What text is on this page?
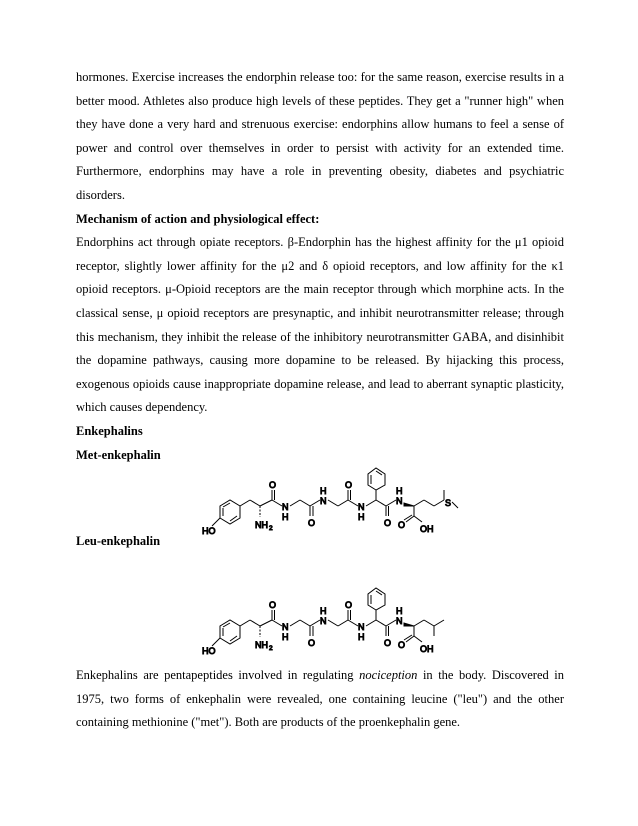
hormones. Exercise increases the endorphin release too: for the same reason, exercise results in a better mood. Athletes also produce high levels of these peptides. They get a "runner high" when they have done a very hard and strenuous exercise: endorphins allow humans to feel a sense of power and control over themselves in order to persist with activity for an extended time. Furthermore, endorphins may have a role in preventing obesity, diabetes and psychiatric disorders.

Mechanism of action and physiological effect:

Endorphins act through opiate receptors. β-Endorphin has the highest affinity for the μ1 opioid receptor, slightly lower affinity for the μ2 and δ opioid receptors, and low affinity for the κ1 opioid receptors. μ-Opioid receptors are the main receptor through which morphine acts. In the classical sense, μ opioid receptors are presynaptic, and inhibit neurotransmitter release; through this mechanism, they inhibit the release of the inhibitory neurotransmitter GABA, and disinhibit the dopamine pathways, causing more dopamine to be released. By hijacking this process, exogenous opioids cause inappropriate dopamine release, and lead to aberrant synaptic plasticity, which causes dependency.

Enkephalins

Met-enkephalin

HO
NH 2
O
N
H
O
N
H
O
N
H
O
N
H
O OH
S

Leu-enkephalin

HO
NH 2
O
N
H
O
N
H
O
N
H
O
N
H
O OH

Enkephalins are pentapeptides involved in regulating nociception in the body. Discovered in 1975, two forms of enkephalin were revealed, one containing leucine ("leu") and the other containing methionine ("met"). Both are products of the proenkephalin gene.
